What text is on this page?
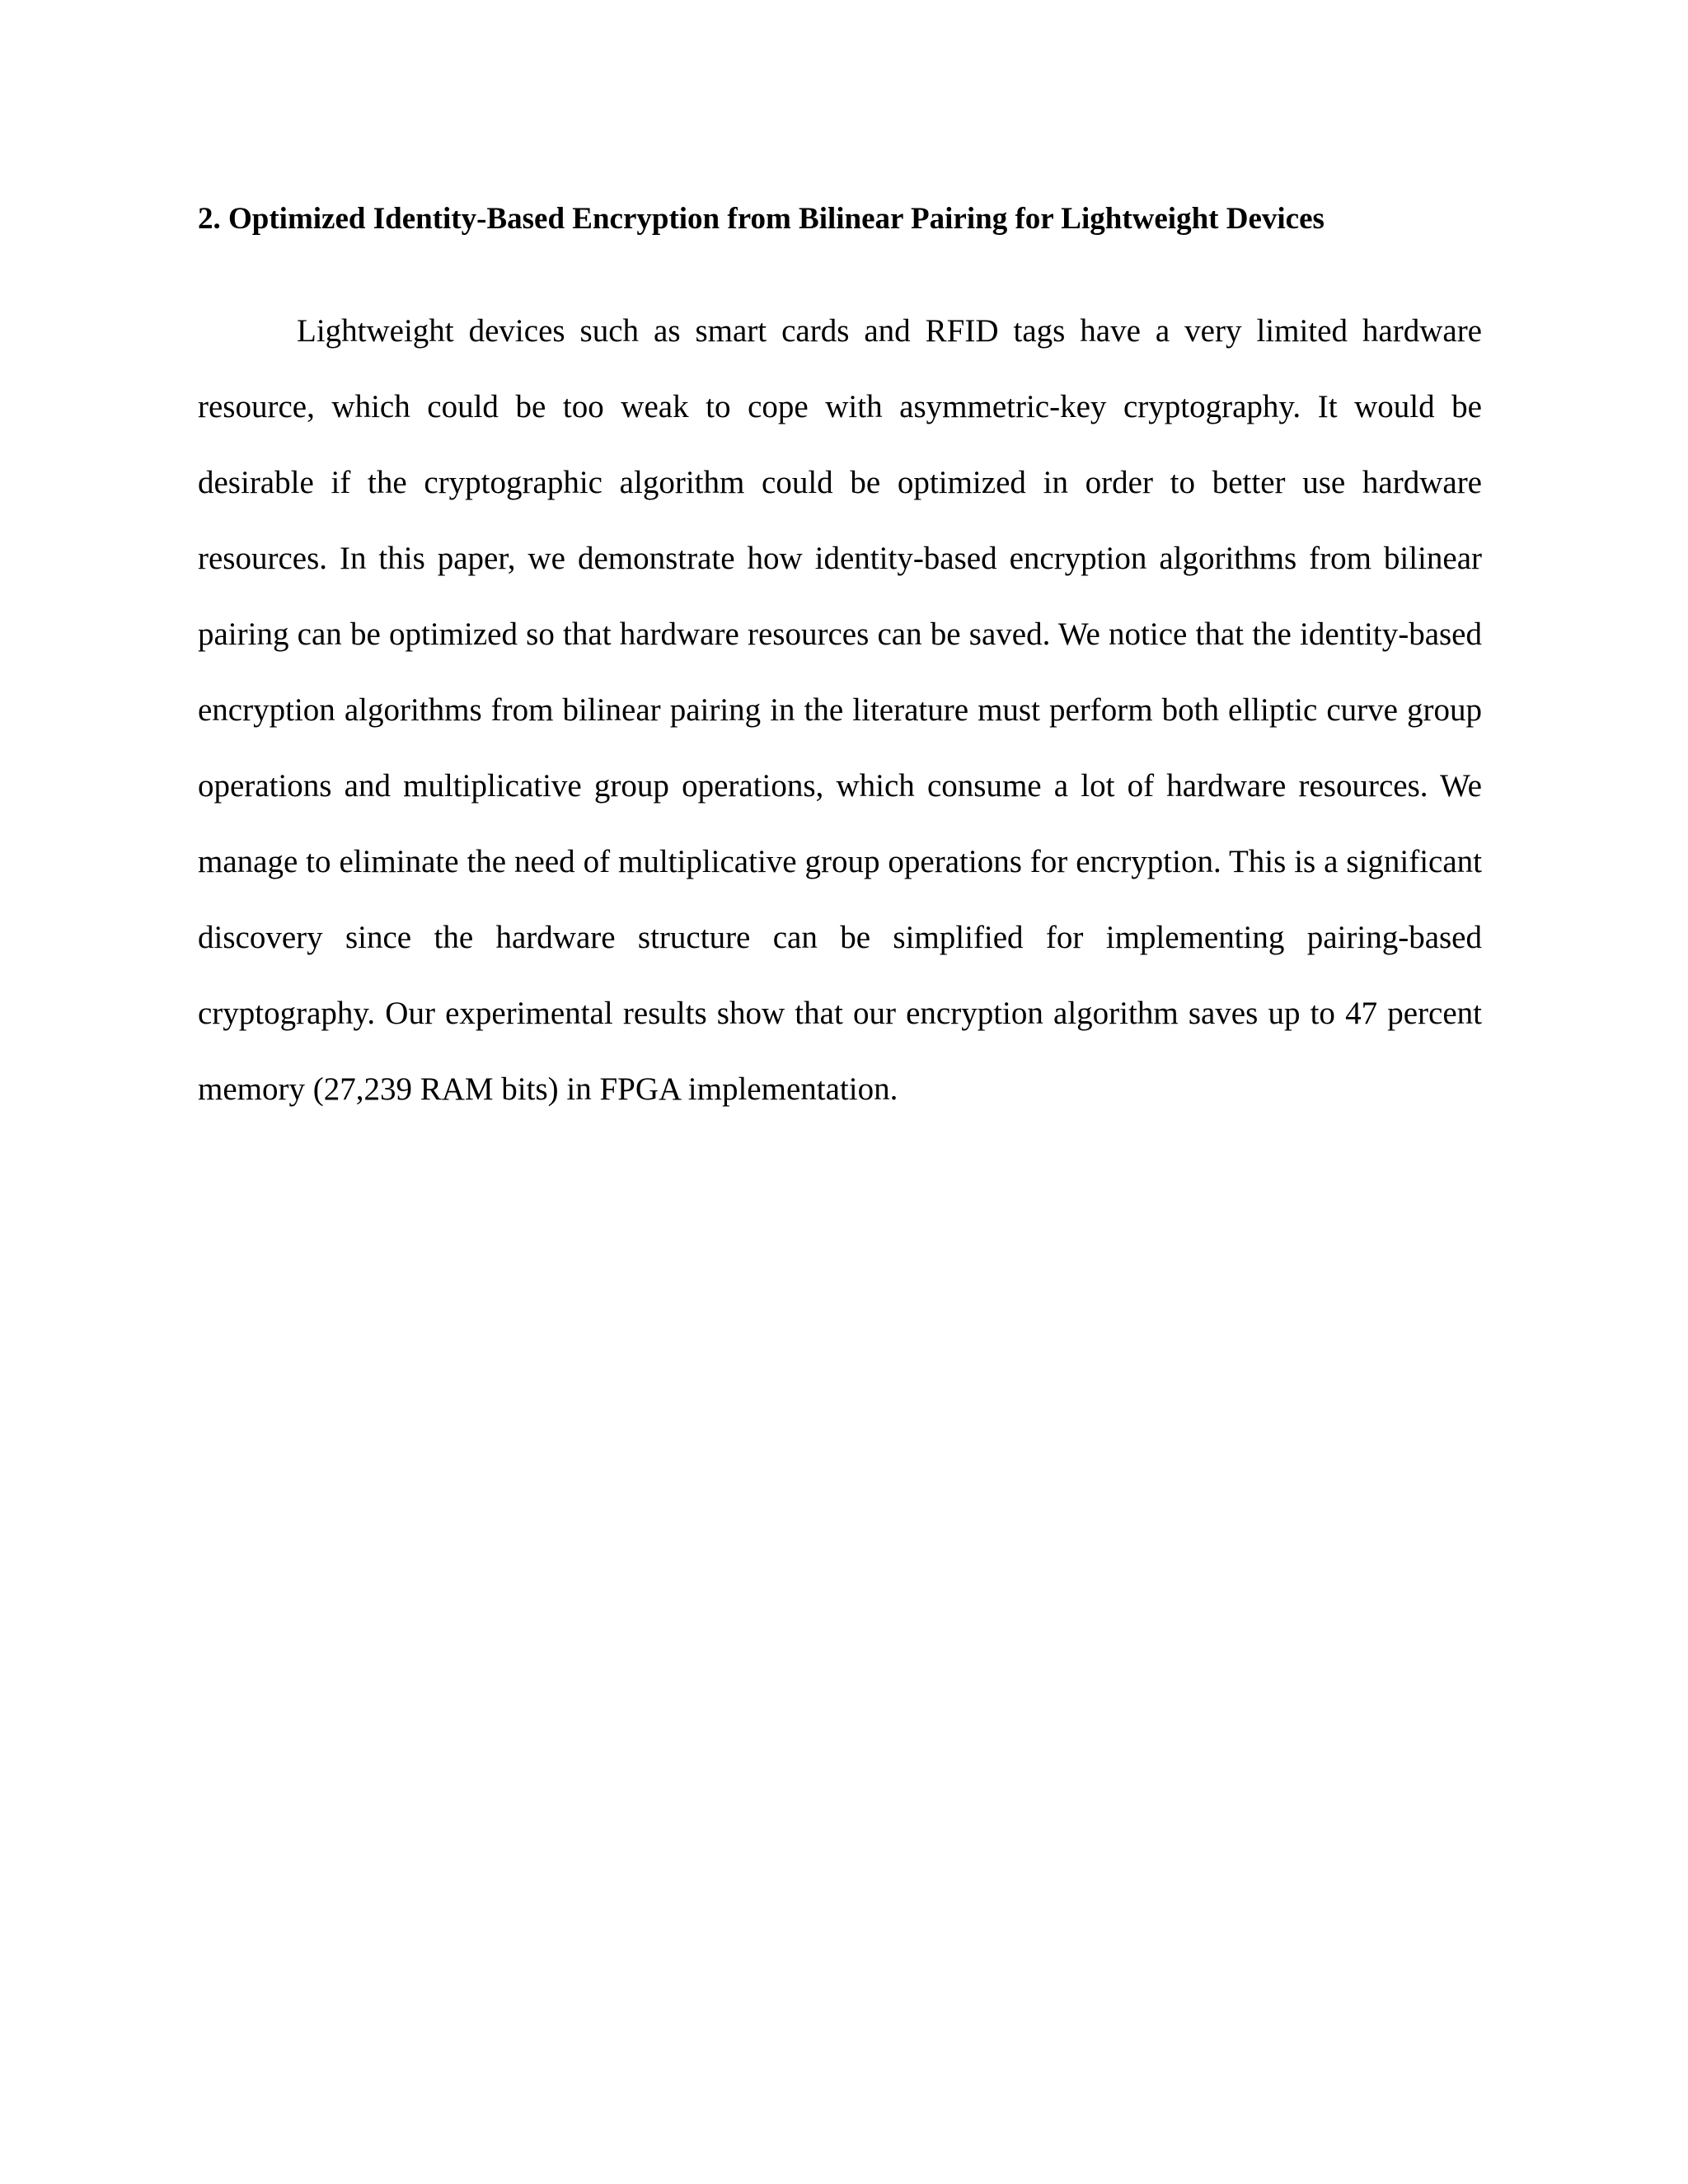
2. Optimized Identity-Based Encryption from Bilinear Pairing for Lightweight Devices

Lightweight devices such as smart cards and RFID tags have a very limited hardware resource, which could be too weak to cope with asymmetric-key cryptography. It would be desirable if the cryptographic algorithm could be optimized in order to better use hardware resources. In this paper, we demonstrate how identity-based encryption algorithms from bilinear pairing can be optimized so that hardware resources can be saved. We notice that the identity-based encryption algorithms from bilinear pairing in the literature must perform both elliptic curve group operations and multiplicative group operations, which consume a lot of hardware resources. We manage to eliminate the need of multiplicative group operations for encryption. This is a significant discovery since the hardware structure can be simplified for implementing pairing-based cryptography. Our experimental results show that our encryption algorithm saves up to 47 percent memory (27,239 RAM bits) in FPGA implementation.
